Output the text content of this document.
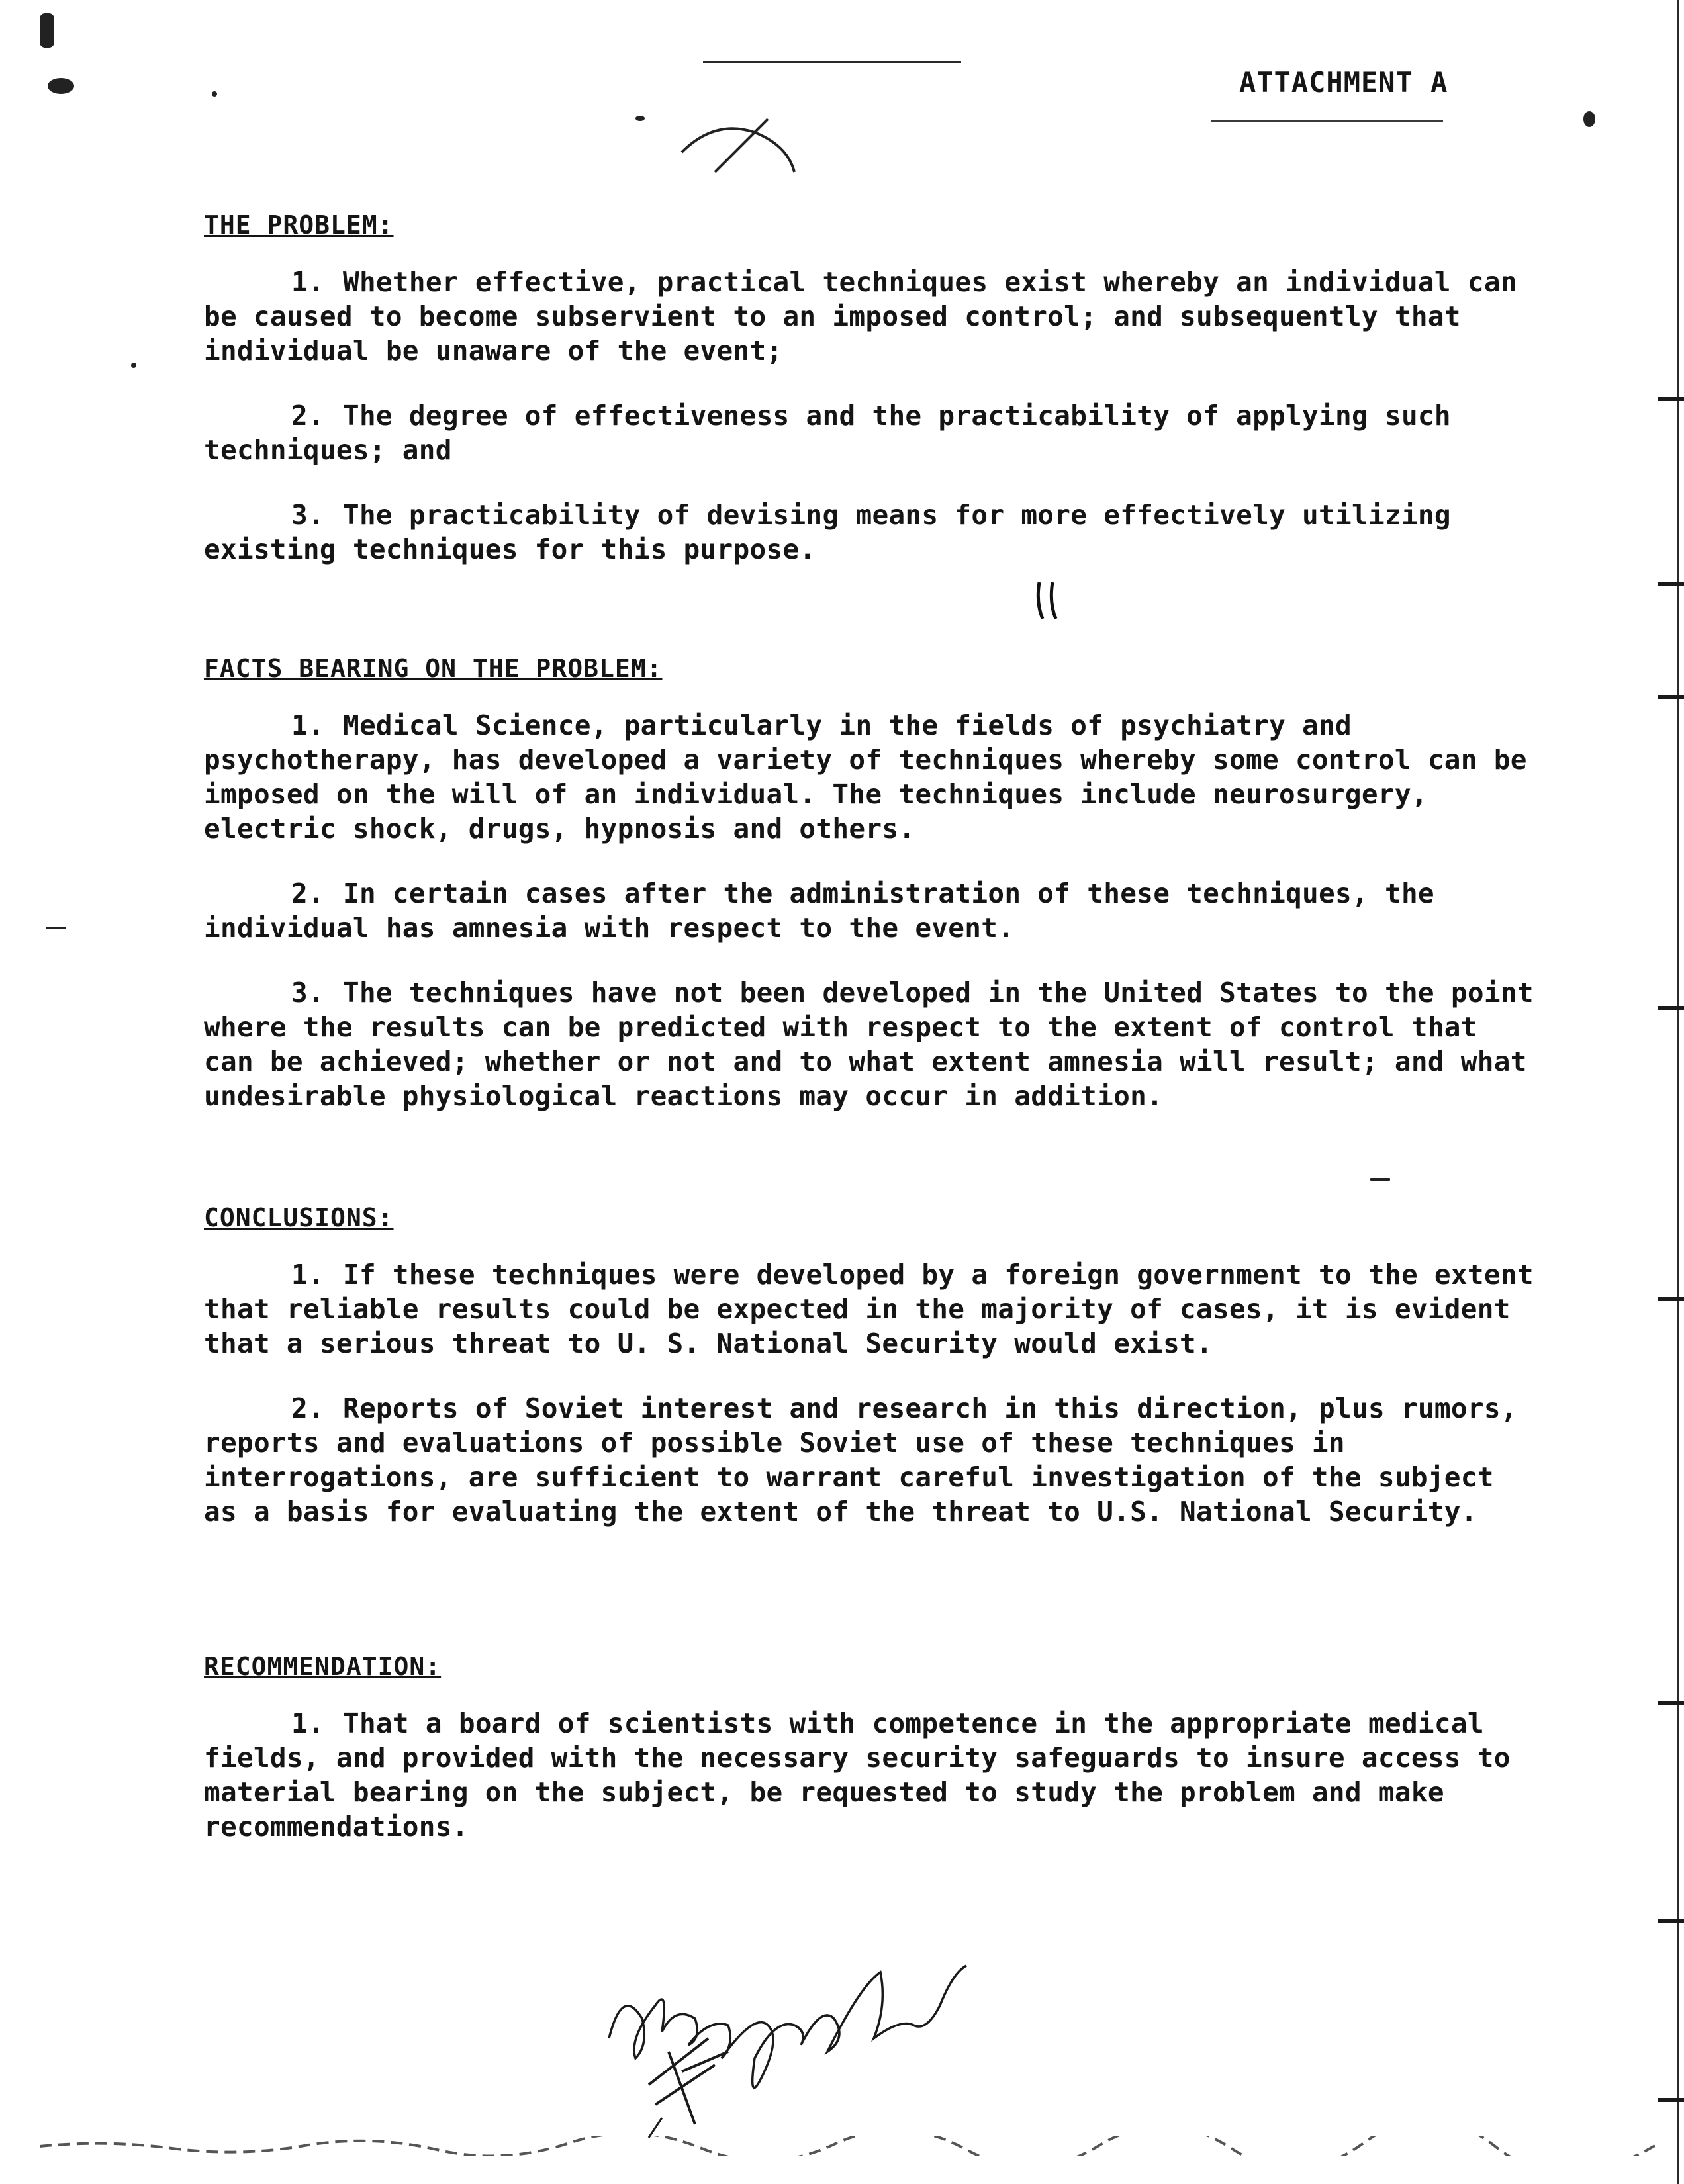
ATTACHMENT A
THE PROBLEM:

1. Whether effective, practical techniques exist whereby an individual can be caused to become subservient to an imposed control; and subsequently that individual be unaware of the event;

2. The degree of effectiveness and the practicability of applying such techniques; and

3. The practicability of devising means for more effectively utilizing existing techniques for this purpose.

FACTS BEARING ON THE PROBLEM:

1. Medical Science, particularly in the fields of psychiatry and psychotherapy, has developed a variety of techniques whereby some control can be imposed on the will of an individual. The techniques include neurosurgery, electric shock, drugs, hypnosis and others.

2. In certain cases after the administration of these techniques, the individual has amnesia with respect to the event.

3. The techniques have not been developed in the United States to the point where the results can be predicted with respect to the extent of control that can be achieved; whether or not and to what extent amnesia will result; and what undesirable physiological reactions may occur in addition.

CONCLUSIONS:

1. If these techniques were developed by a foreign government to the extent that reliable results could be expected in the majority of cases, it is evident that a serious threat to U. S. National Security would exist.

2. Reports of Soviet interest and research in this direction, plus rumors, reports and evaluations of possible Soviet use of these techniques in interrogations, are sufficient to warrant careful investigation of the subject as a basis for evaluating the extent of the threat to U.S. National Security.

RECOMMENDATION:

1. That a board of scientists with competence in the appropriate medical fields, and provided with the necessary security safeguards to insure access to material bearing on the subject, be requested to study the problem and make recommendations.
